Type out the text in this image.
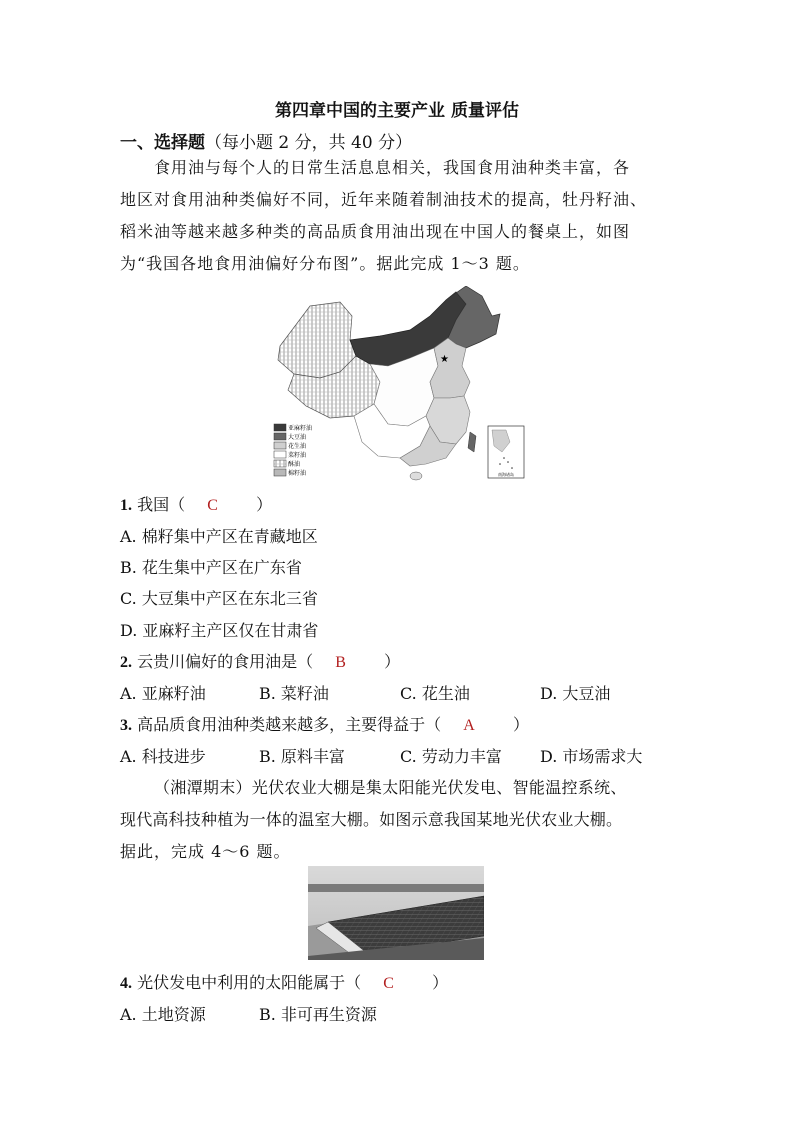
第四章中国的主要产业 质量评估
一、选择题（每小题 2 分，共 40 分）
食用油与每个人的日常生活息息相关，我国食用油种类丰富，各
地区对食用油种类偏好不同，近年来随着制油技术的提高，牡丹籽油、
稻米油等越来越多种类的高品质食用油出现在中国人的餐桌上，如图
为“我国各地食用油偏好分布图”。据此完成 1～3 题。
★
亚麻籽油
大豆油
花生油
菜籽油
酥油
棉籽油	南海诸岛
1. 我国（ C ）
A. 棉籽集中产区在青藏地区
B. 花生集中产区在广东省
C. 大豆集中产区在东北三省
D. 亚麻籽主产区仅在甘肃省
2. 云贵川偏好的食用油是（ B ）
A. 亚麻籽油	B. 菜籽油	C. 花生油	D. 大豆油
3. 高品质食用油种类越来越多，主要得益于（ A ）
A. 科技进步	B. 原料丰富	C. 劳动力丰富 D. 市场需求大
（湘潭期末）光伏农业大棚是集太阳能光伏发电、智能温控系统、
现代高科技种植为一体的温室大棚。如图示意我国某地光伏农业大棚。
据此，完成 4～6 题。
4. 光伏发电中利用的太阳能属于（ C ）
A. 土地资源	B. 非可再生资源
